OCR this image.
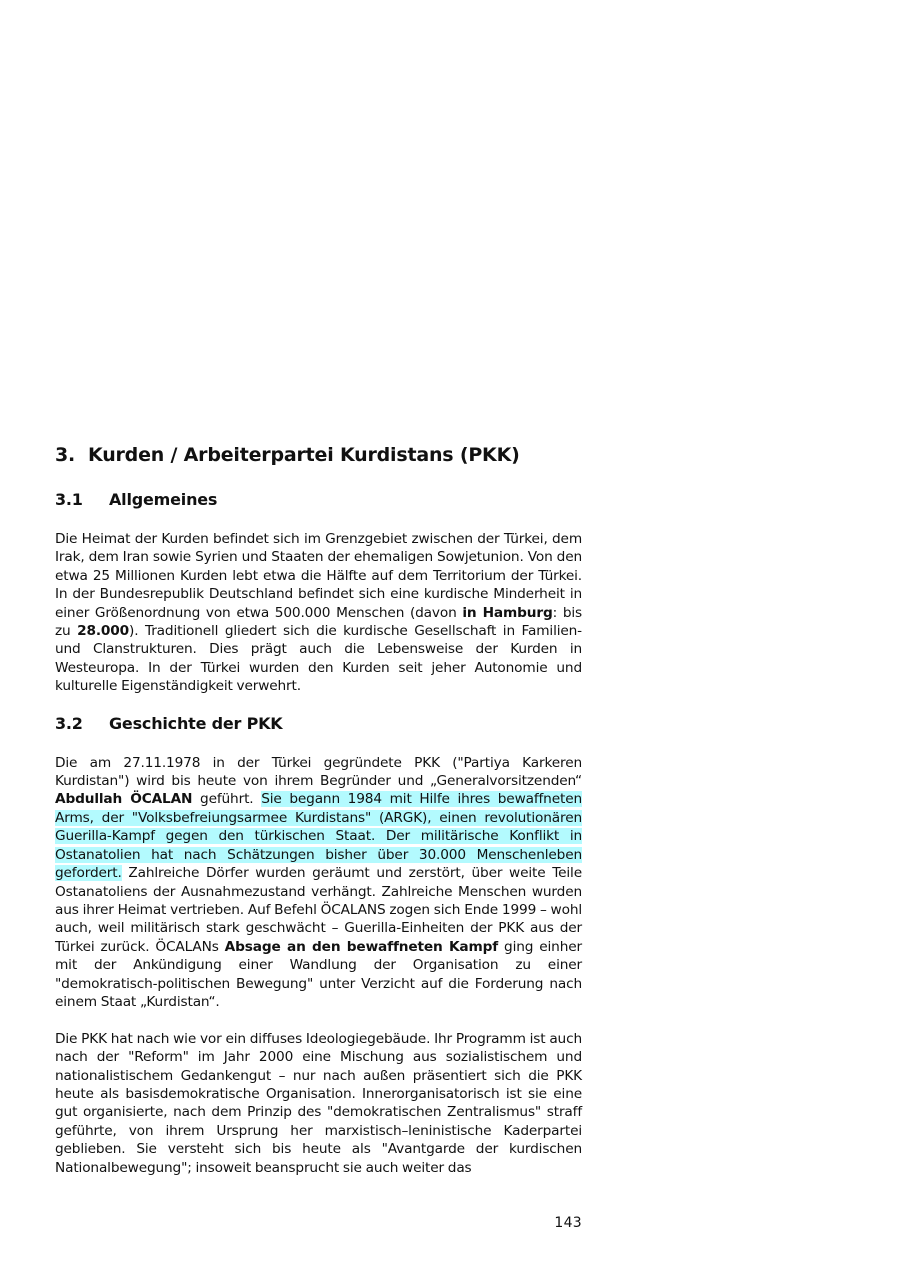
3. Kurden / Arbeiterpartei Kurdistans (PKK)
3.1	Allgemeines

Die Heimat der Kurden befindet sich im Grenzgebiet zwischen der Türkei, dem Irak, dem Iran sowie Syrien und Staaten der ehemaligen Sowjetunion. Von den etwa 25 Millionen Kurden lebt etwa die Hälfte auf dem Territorium der Türkei. In der Bundesrepublik Deutschland befindet sich eine kurdische Minderheit in einer Größenordnung von etwa 500.000 Menschen (davon in Hamburg: bis zu 28.000). Traditionell gliedert sich die kurdische Gesellschaft in Familien- und Clanstrukturen. Dies prägt auch die Lebensweise der Kurden in Westeuropa. In der Türkei wurden den Kurden seit jeher Autonomie und kulturelle Eigenständigkeit verwehrt.

3.2	Geschichte der PKK

Die am 27.11.1978 in der Türkei gegründete PKK ("Partiya Karkeren Kurdistan") wird bis heute von ihrem Begründer und „Generalvorsitzenden“ Abdullah ÖCALAN geführt. Sie begann 1984 mit Hilfe ihres bewaffneten Arms, der "Volksbefreiungsarmee Kurdistans" (ARGK), einen revolutionären Guerilla-Kampf gegen den türkischen Staat. Der militärische Konflikt in Ostanatolien hat nach Schätzungen bisher über 30.000 Menschenleben gefordert. Zahlreiche Dörfer wurden geräumt und zerstört, über weite Teile Ostanatoliens der Ausnahmezustand verhängt. Zahlreiche Menschen wurden aus ihrer Heimat vertrieben. Auf Befehl ÖCALANS zogen sich Ende 1999 – wohl auch, weil militärisch stark geschwächt – Guerilla-Einheiten der PKK aus der Türkei zurück. ÖCALANs Absage an den bewaffneten Kampf ging einher mit der Ankündigung einer Wandlung der Organisation zu einer "demokratisch-politischen Bewegung" unter Verzicht auf die Forderung nach einem Staat „Kurdistan“.

Die PKK hat nach wie vor ein diffuses Ideologiegebäude. Ihr Programm ist auch nach der "Reform" im Jahr 2000 eine Mischung aus sozialistischem und nationalistischem Gedankengut – nur nach außen präsentiert sich die PKK heute als basisdemokratische Organisation. Innerorganisatorisch ist sie eine gut organisierte, nach dem Prinzip des "demokratischen Zentralismus" straff geführte, von ihrem Ursprung her marxistisch–leninistische Kaderpartei geblieben. Sie versteht sich bis heute als "Avantgarde der kurdischen Nationalbewegung"; insoweit beansprucht sie auch weiter das

143
